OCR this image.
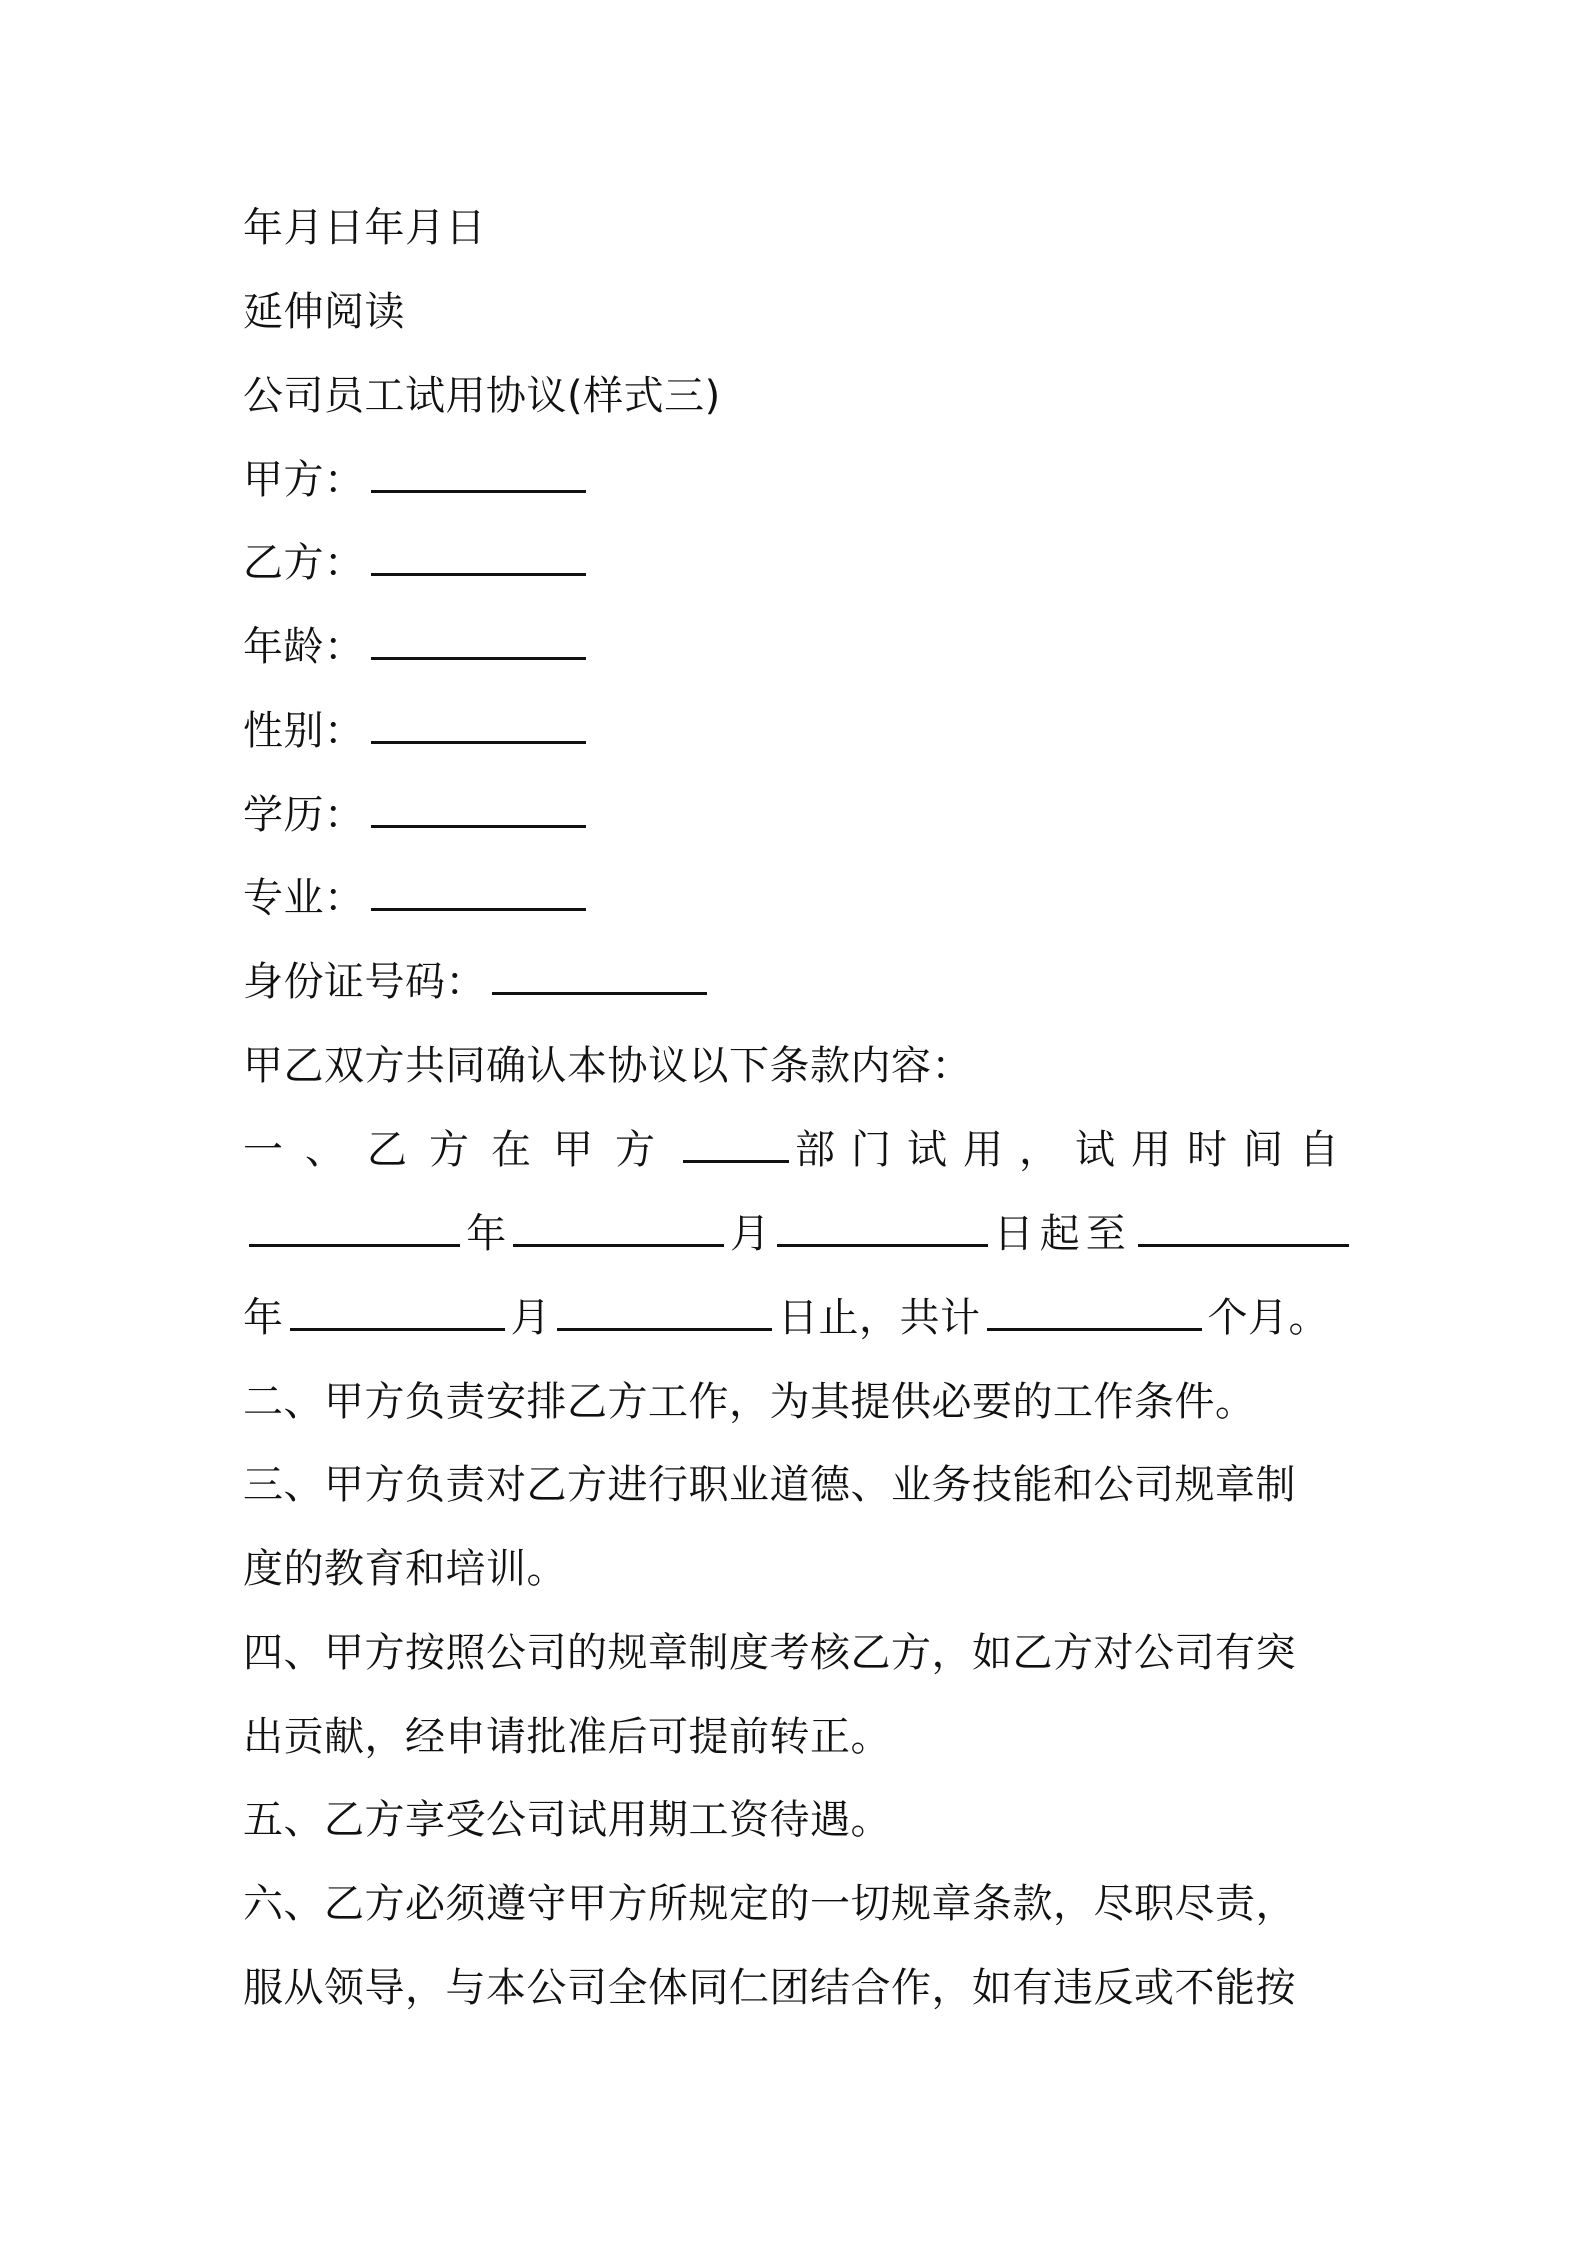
年月日年月日
延伸阅读
公司员工试用协议(样式三)
甲方：
乙方：
年龄：
性别：
学历：
专业：
身份证号码：
甲乙双方共同确认本协议以下条款内容：
一、乙方在甲方	部门试用，试用时间自
年	月	日起至
年	月	日止，共计	个月。
二、甲方负责安排乙方工作，为其提供必要的工作条件。
三、甲方负责对乙方进行职业道德、业务技能和公司规章制
度的教育和培训。
四、甲方按照公司的规章制度考核乙方，如乙方对公司有突
出贡献，经申请批准后可提前转正。
五、乙方享受公司试用期工资待遇。
六、乙方必须遵守甲方所规定的一切规章条款，尽职尽责，
服从领导，与本公司全体同仁团结合作，如有违反或不能按
